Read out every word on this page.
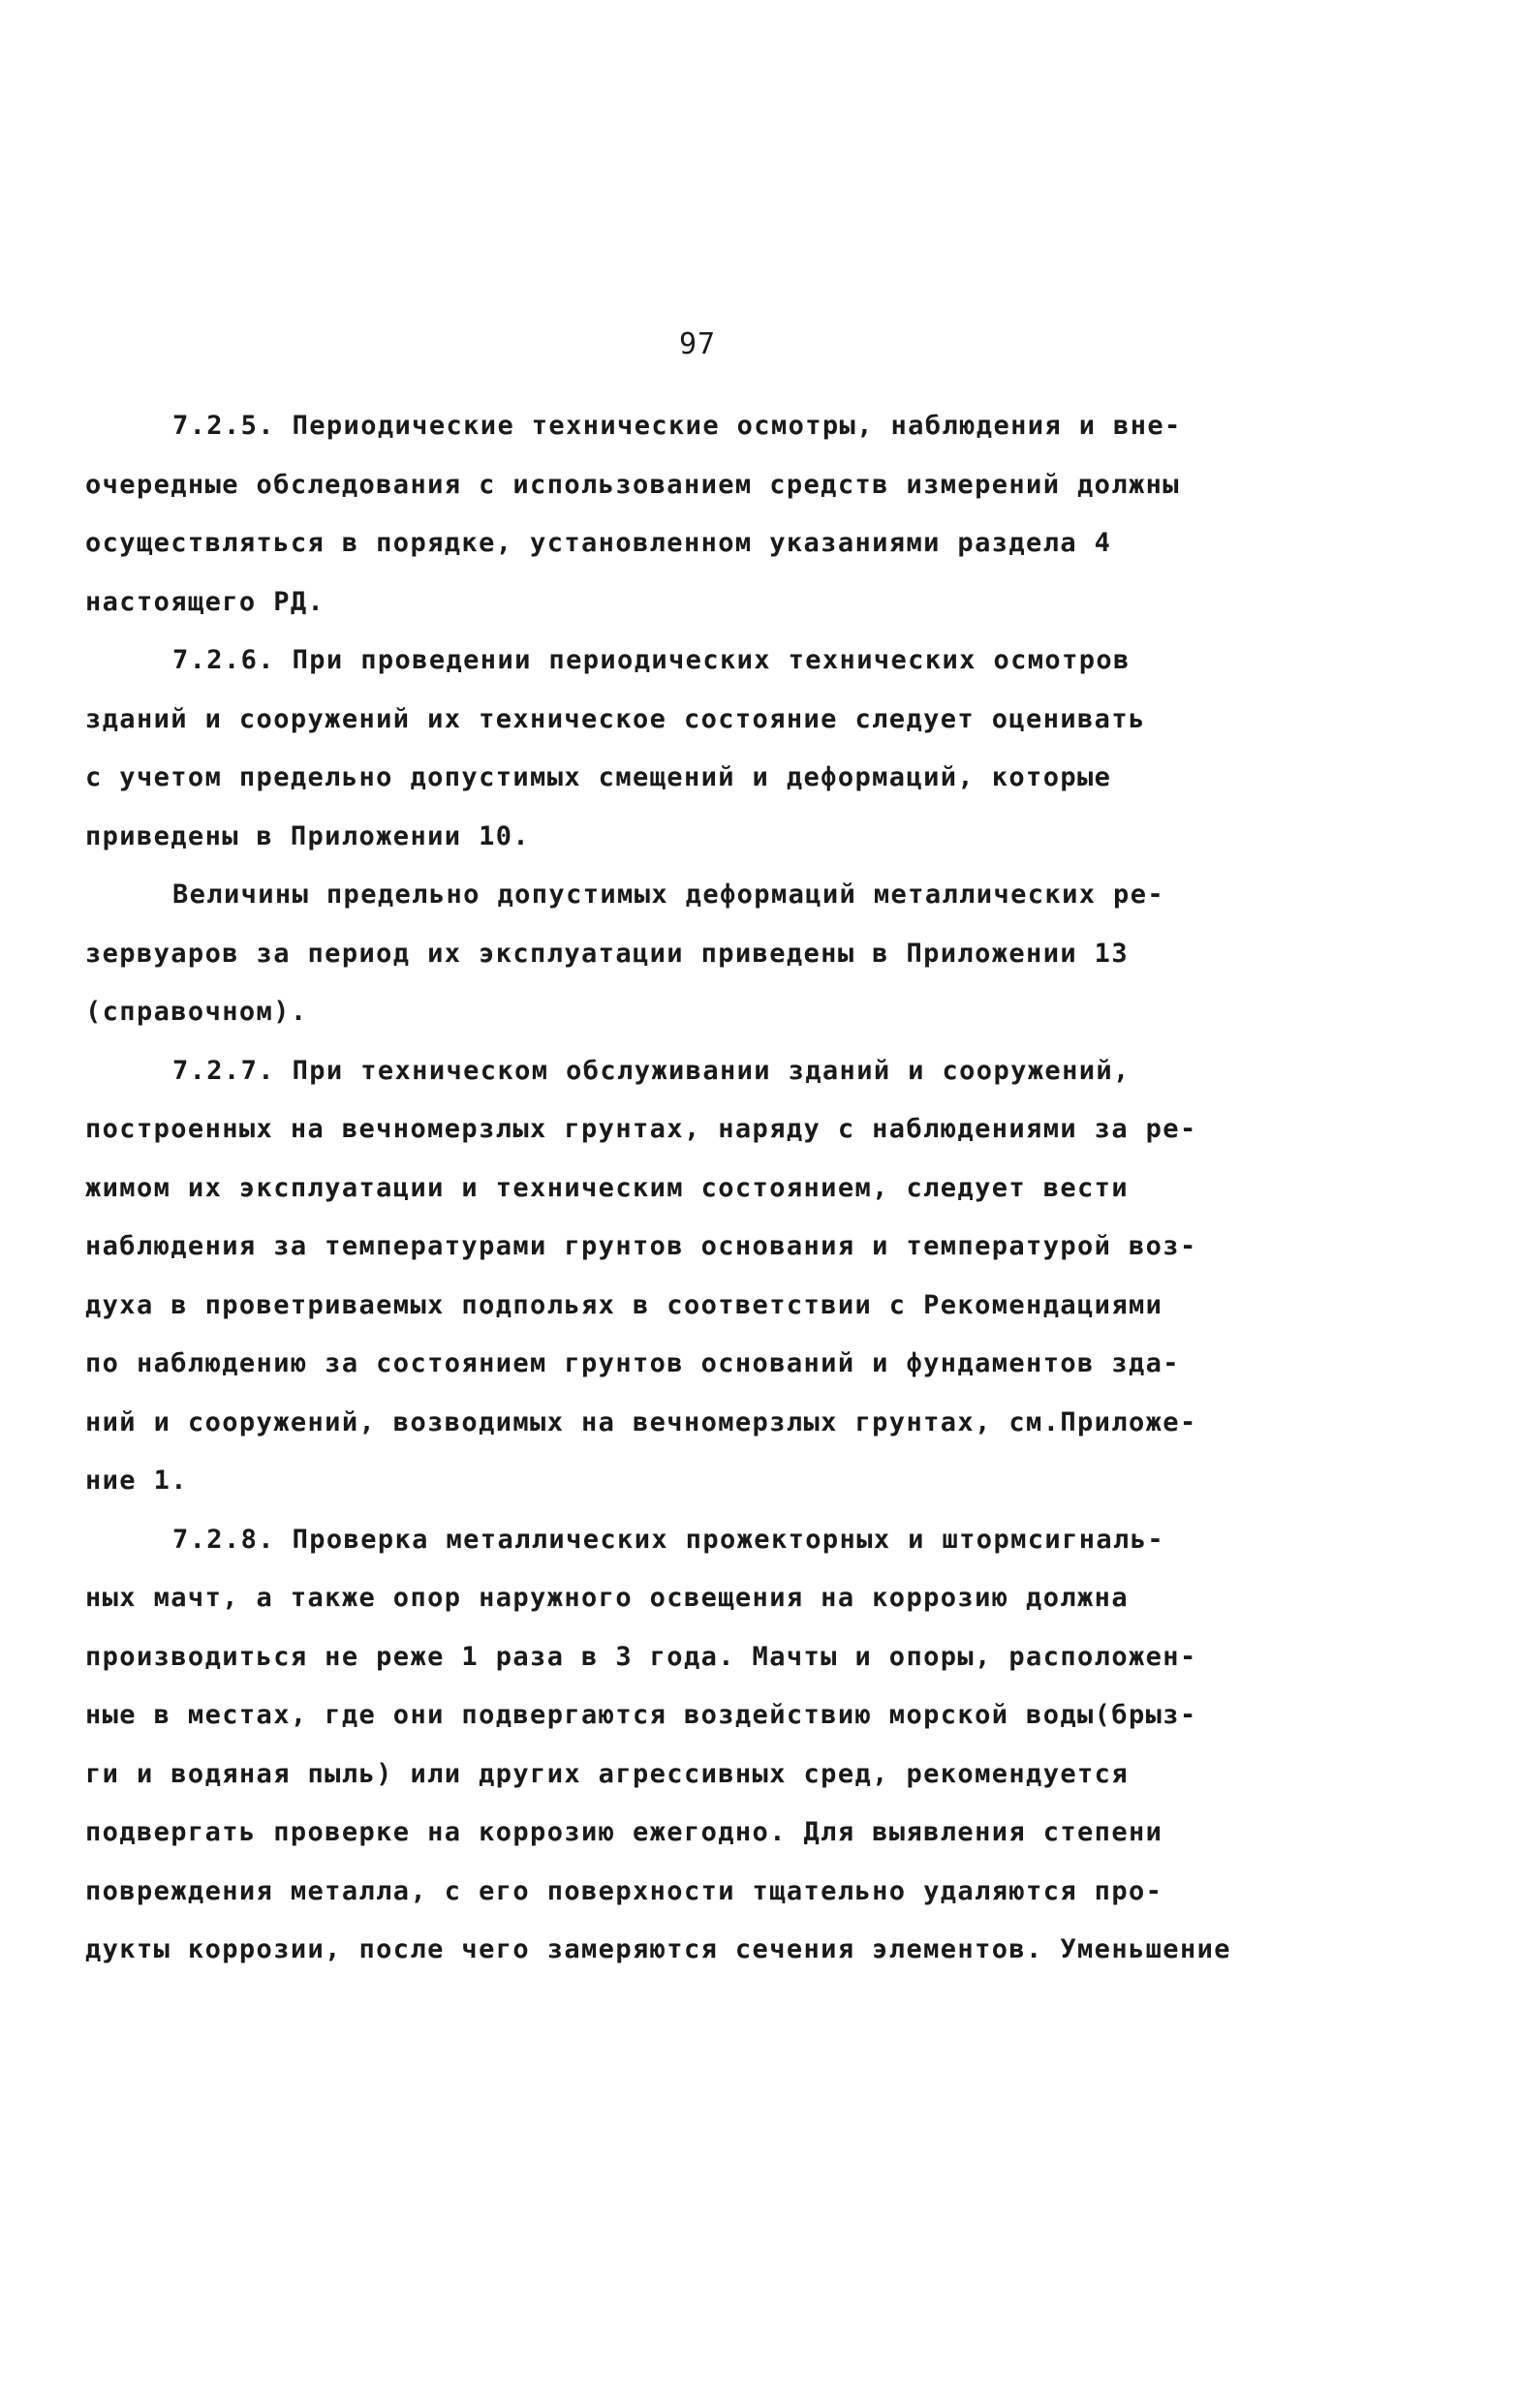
97
7.2.5. Периодические технические осмотры, наблюдения и вне-
очередные обследования с использованием средств измерений должны
осуществляться в порядке, установленном указаниями раздела 4
настоящего РД.
7.2.6. При проведении периодических технических осмотров
зданий и сооружений их техническое состояние следует оценивать
с учетом предельно допустимых смещений и деформаций, которые
приведены в Приложении 10.
Величины предельно допустимых деформаций металлических ре-
зервуаров за период их эксплуатации приведены в Приложении 13
(справочном).
7.2.7. При техническом обслуживании зданий и сооружений,
построенных на вечномерзлых грунтах, наряду с наблюдениями за ре-
жимом их эксплуатации и техническим состоянием, следует вести
наблюдения за температурами грунтов основания и температурой воз-
духа в проветриваемых подпольях в соответствии с Рекомендациями
по наблюдению за состоянием грунтов оснований и фундаментов зда-
ний и сооружений, возводимых на вечномерзлых грунтах, см.Приложе-
ние 1.
7.2.8. Проверка металлических прожекторных и штормсигналь-
ных мачт, а также опор наружного освещения на коррозию должна
производиться не реже 1 раза в 3 года. Мачты и опоры, расположен-
ные в местах, где они подвергаются воздействию морской воды(брыз-
ги и водяная пыль) или других агрессивных сред, рекомендуется
подвергать проверке на коррозию ежегодно. Для выявления степени
повреждения металла, с его поверхности тщательно удаляются про-
дукты коррозии, после чего замеряются сечения элементов. Уменьшение
